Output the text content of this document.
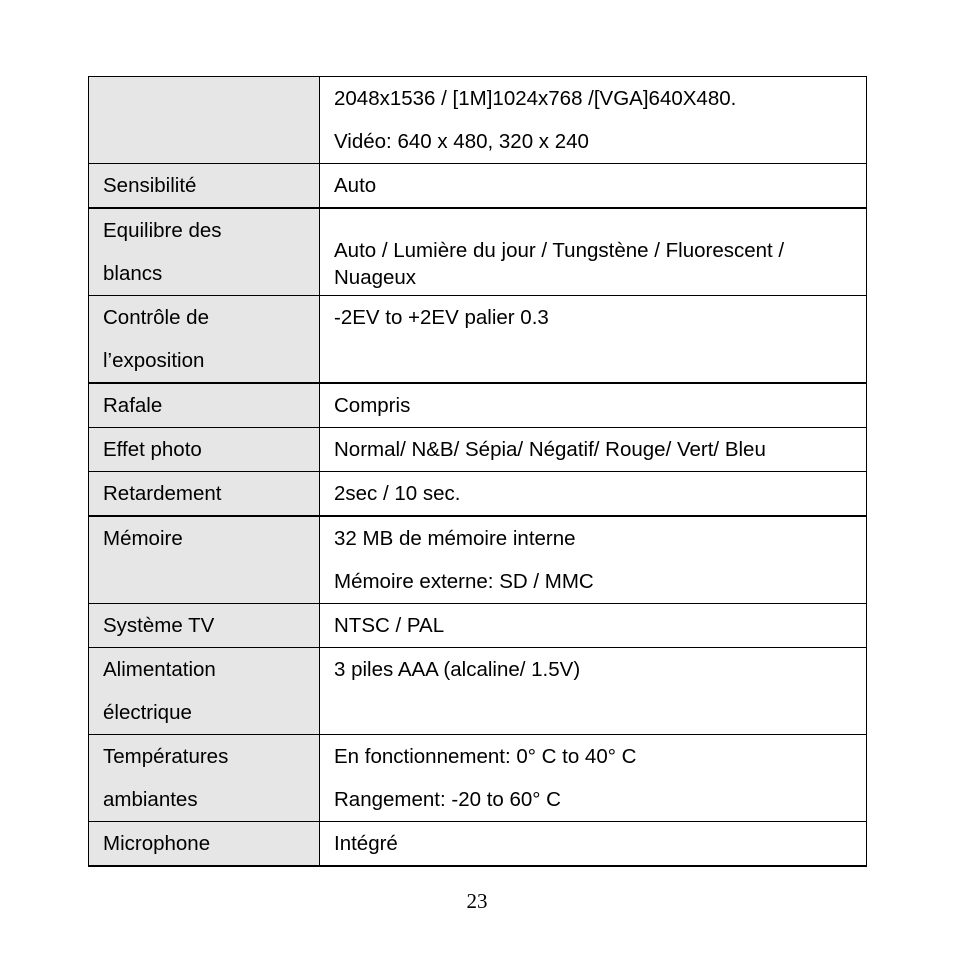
	2048x1536 / [1M]1024x768 /[VGA]640X480.
Vidéo: 640 x 480, 320 x 240

Sensibilité	Auto

Equilibre des
blancs	Auto / Lumière du jour / Tungstène / Fluorescent / Nuageux

Contrôle de
l’exposition	-2EV to +2EV palier 0.3

Rafale	Compris

Effet photo	Normal/ N&B/ Sépia/ Négatif/ Rouge/ Vert/ Bleu

Retardement	2sec / 10 sec.

Mémoire	32 MB de mémoire interne
Mémoire externe: SD / MMC

Système TV	NTSC / PAL

Alimentation
électrique	3 piles AAA (alcaline/ 1.5V)

Températures
ambiantes	En fonctionnement: 0° C to 40° C
Rangement: -20 to 60° C

Microphone	Intégré
23
